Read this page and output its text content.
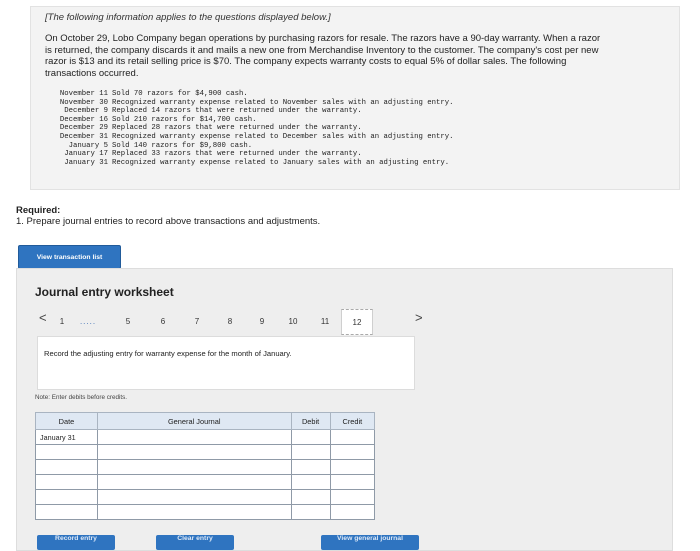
[The following information applies to the questions displayed below.]

On October 29, Lobo Company began operations by purchasing razors for resale. The razors have a 90-day warranty. When a razor is returned, the company discards it and mails a new one from Merchandise Inventory to the customer. The company's cost per new razor is $13 and its retail selling price is $70. The company expects warranty costs to equal 5% of dollar sales. The following transactions occurred.

November 11 Sold 70 razors for $4,900 cash.
November 30 Recognized warranty expense related to November sales with an adjusting entry.
December 9 Replaced 14 razors that were returned under the warranty.
December 16 Sold 210 razors for $14,700 cash.
December 29 Replaced 28 razors that were returned under the warranty.
December 31 Recognized warranty expense related to December sales with an adjusting entry.
January 5 Sold 140 razors for $9,800 cash.
January 17 Replaced 33 razors that were returned under the warranty.
January 31 Recognized warranty expense related to January sales with an adjusting entry.
Required:
1. Prepare journal entries to record above transactions and adjustments.
View transaction list
Journal entry worksheet
<	1	.....	5	6	7	8	9	10	11	12	>
Record the adjusting entry for warranty expense for the month of January.
Note: Enter debits before credits.
Date	General Journal	Debit	Credit
January 31			

Record entry	Clear entry	View general journal
